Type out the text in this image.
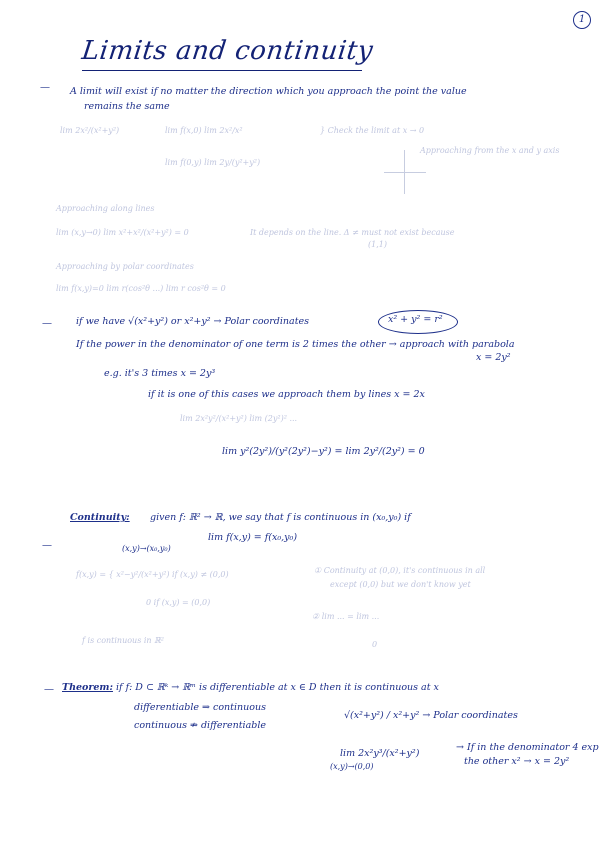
1
Limits and continuity
—
—
—
—
A limit will exist if no matter the direction which you approach the point the value
remains the same
lim 2x²/(x²+y²)	lim f(x,0) lim 2x²/x²	} Check the limit at x → 0
Approaching from the x and y axis
lim f(0,y) lim 2y/(y²+y²)
Approaching along lines
lim (x,y→0) lim x²+x²/(x²+y²) = 0	It depends on the line. Δ ≠ must not exist because
(1,1)
Approaching by polar coordinates
lim f(x,y)=0 lim r(cos²θ ...) lim r cos²θ = 0
if we have √(x²+y²) or x²+y² → Polar coordinates	x² + y² = r²
If the power in the denominator of one term is 2 times the other → approach with parabola
x = 2y²
e.g. it's 3 times x = 2y³
if it is one of this cases we approach them by lines x = 2x
lim 2x²y²/(x²+y²) lim (2y²)² ...
lim y²(2y²)/(y²(2y²)−y²) = lim 2y²/(2y²) = 0
Continuity: given f: ℝ² → ℝ, we say that f is continuous in (x₀,y₀) if
lim f(x,y) = f(x₀,y₀)
(x,y)→(x₀,y₀)
f(x,y) = { x²−y²/(x²+y²) if (x,y) ≠ (0,0)
0 if (x,y) = (0,0)
① Continuity at (0,0), it's continuous in all
except (0,0) but we don't know yet
② lim ... = lim ...
f is continuous in ℝ²	0
Theorem: if f: D ⊂ ℝᵏ → ℝᵐ is differentiable at x ∈ D then it is continuous at x
differentiable ⇒ continuous
continuous ⇏ differentiable
√(x²+y²) / x²+y² → Polar coordinates
lim 2x²y³/(x²+y²)
(x,y)→(0,0)
→ If in the denominator 4 exp
the other x² → x = 2y²
